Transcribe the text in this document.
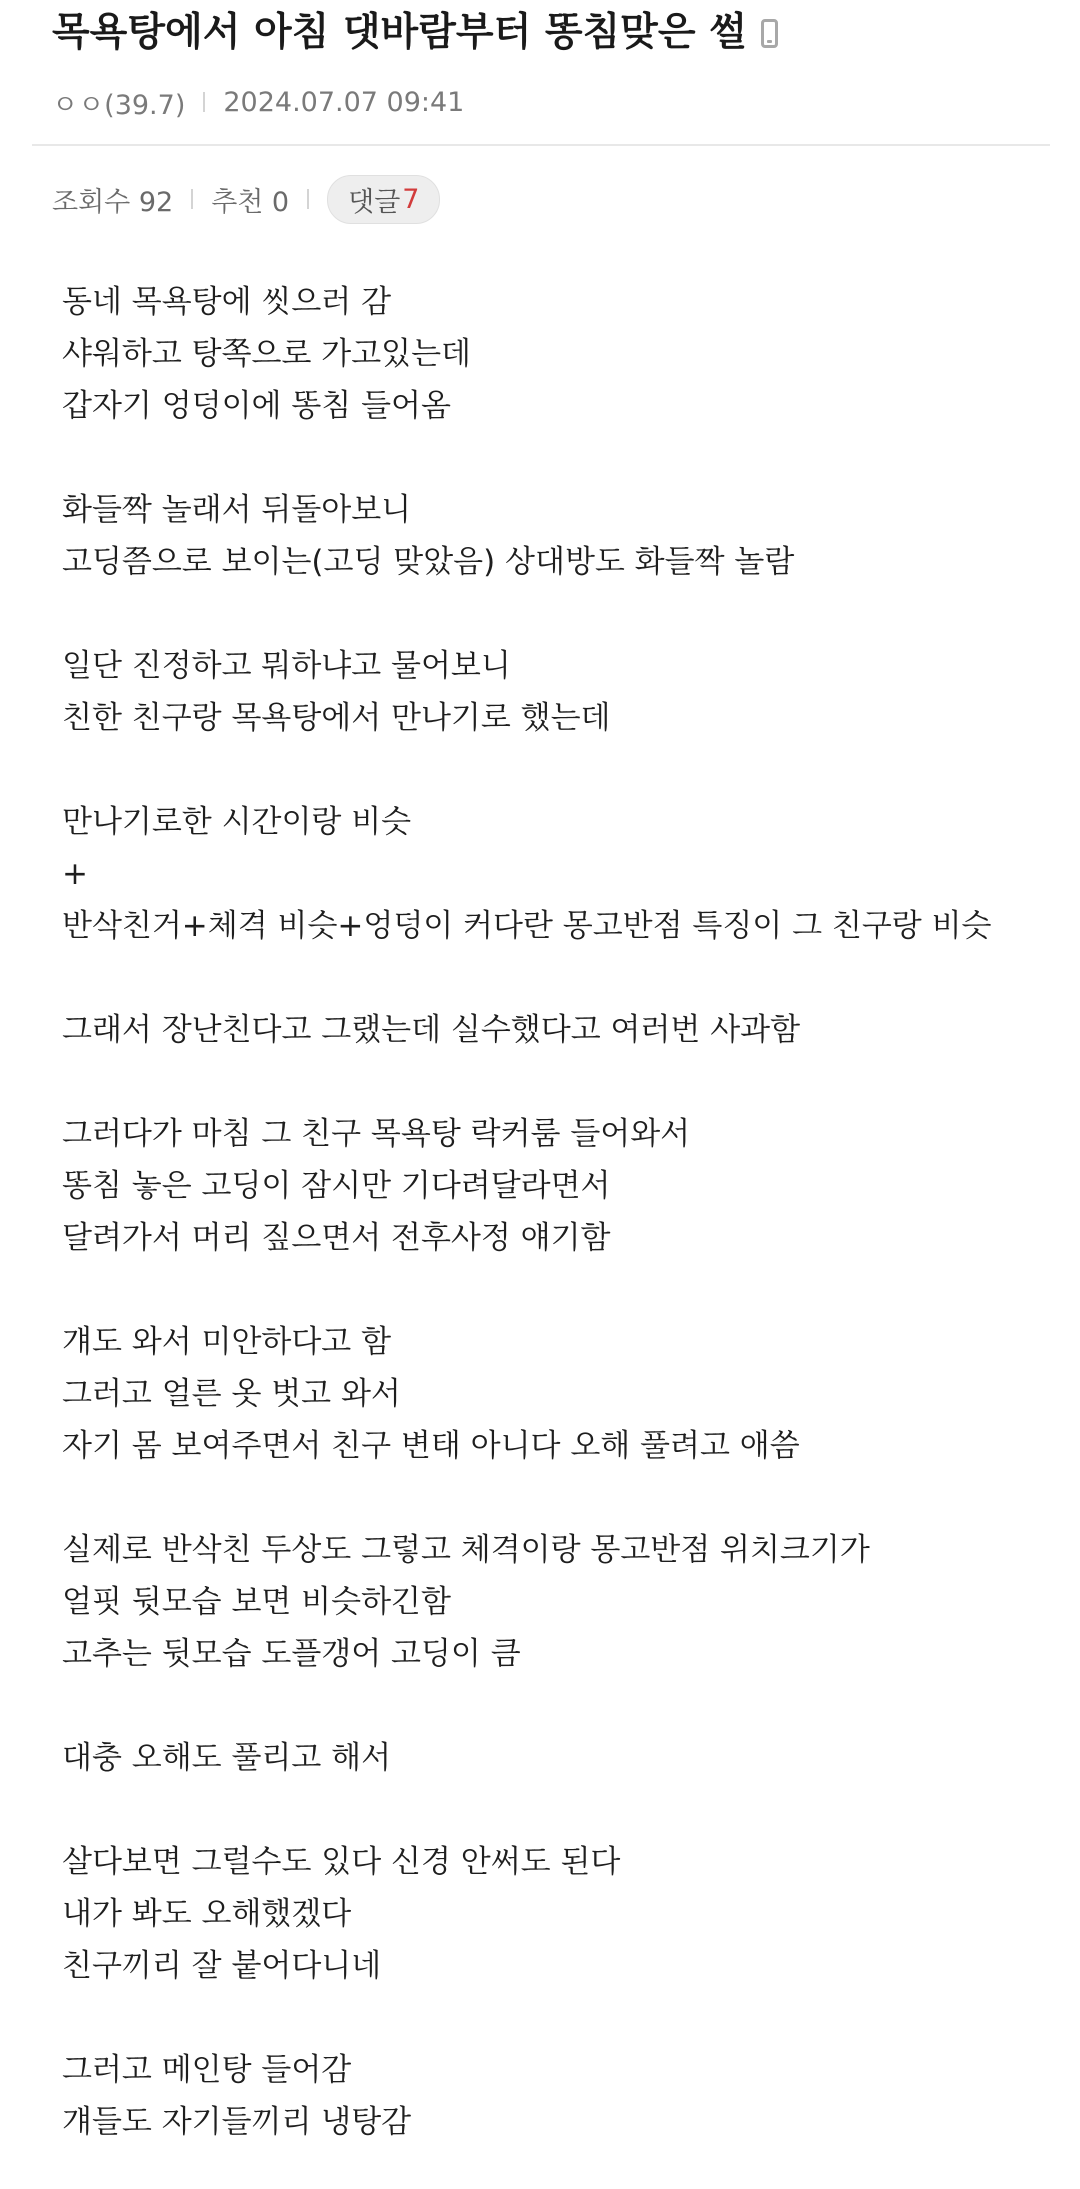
목욕탕에서 아침 댓바람부터 똥침맞은 썰
ㅇㅇ(39.7) 2024.07.07 09:41
조회수 92 추천 0 댓글 7
동네 목욕탕에 씻으러 감
샤워하고 탕쪽으로 가고있는데
갑자기 엉덩이에 똥침 들어옴
화들짝 놀래서 뒤돌아보니
고딩쯤으로 보이는(고딩 맞았음) 상대방도 화들짝 놀람
일단 진정하고 뭐하냐고 물어보니
친한 친구랑 목욕탕에서 만나기로 했는데
만나기로한 시간이랑 비슷
+
반삭친거+체격 비슷+엉덩이 커다란 몽고반점 특징이 그 친구랑 비슷
그래서 장난친다고 그랬는데 실수했다고 여러번 사과함
그러다가 마침 그 친구 목욕탕 락커룸 들어와서
똥침 놓은 고딩이 잠시만 기다려달라면서
달려가서 머리 짚으면서 전후사정 얘기함
걔도 와서 미안하다고 함
그러고 얼른 옷 벗고 와서
자기 몸 보여주면서 친구 변태 아니다 오해 풀려고 애씀
실제로 반삭친 두상도 그렇고 체격이랑 몽고반점 위치크기가
얼핏 뒷모습 보면 비슷하긴함
고추는 뒷모습 도플갱어 고딩이 큼
대충 오해도 풀리고 해서
살다보면 그럴수도 있다 신경 안써도 된다
내가 봐도 오해했겠다
친구끼리 잘 붙어다니네
그러고 메인탕 들어감
걔들도 자기들끼리 냉탕감
